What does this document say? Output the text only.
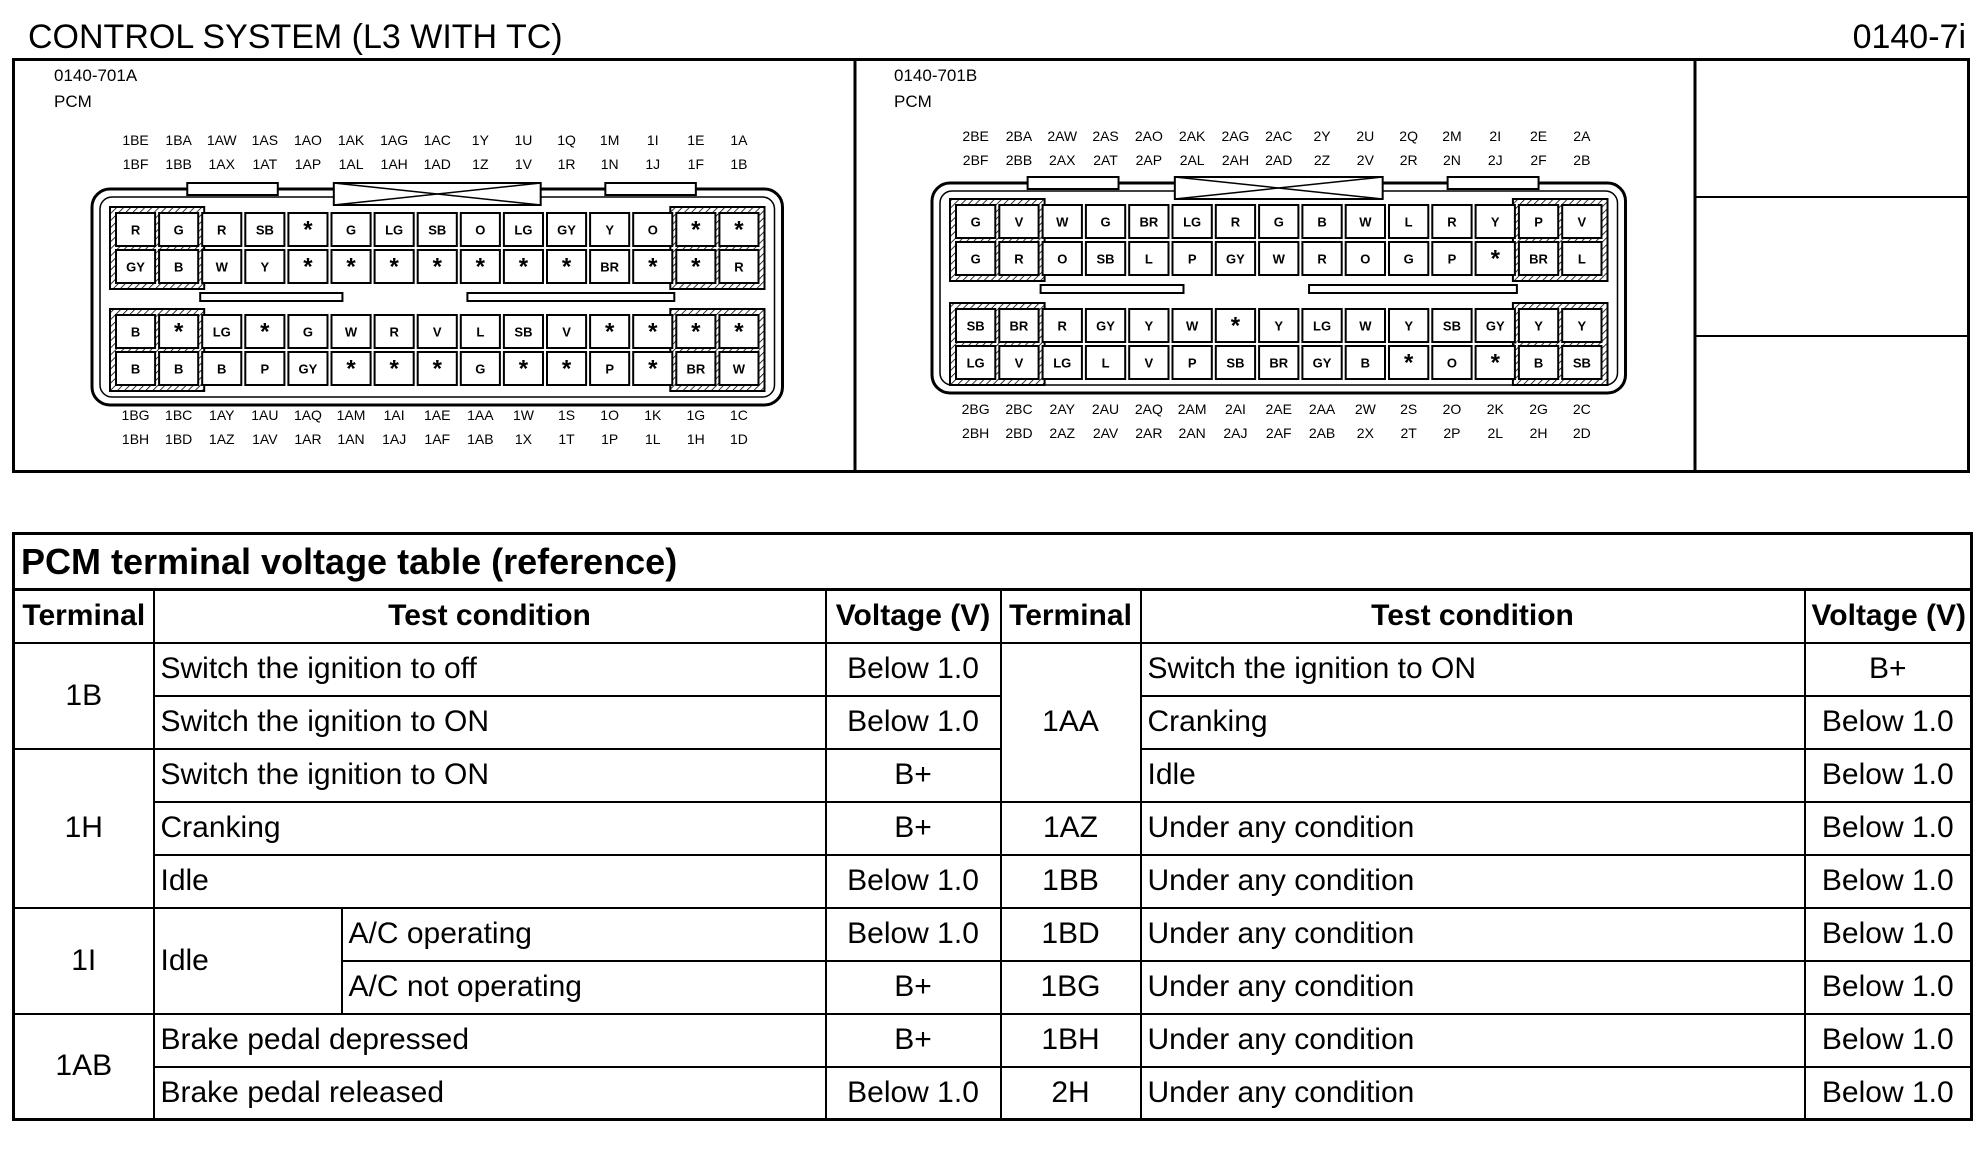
CONTROL SYSTEM (L3 WITH TC)	0140-7i
0140-701A
PCM
1BE 1BA 1AW 1AS 1AO 1AK 1AG 1AC 1Y 1U 1Q 1M 1I 1E 1A
1BF 1BB 1AX 1AT 1AP 1AL 1AH 1AD 1Z 1V 1R 1N 1J 1F 1B
R	G	R SB *	G LG SB O LG GY Y	O * *
GY B W	Y * * * * * * * BR * *	R
B * LG *	G W R	V	L SB V * * * *
B	B	B	P GY * * *	G * *	P * BR W
1BG 1BC 1AY 1AU 1AQ 1AM 1AI 1AE 1AA 1W 1S 1O 1K 1G 1C
1BH 1BD 1AZ 1AV 1AR 1AN 1AJ 1AF 1AB 1X 1T 1P 1L 1H 1D
0140-701B
PCM
2BE 2BA 2AW 2AS 2AO 2AK 2AG 2AC 2Y 2U 2Q 2M 2I 2E 2A
2BF 2BB 2AX 2AT 2AP 2AL 2AH 2AD 2Z 2V 2R 2N 2J 2F 2B
G	V	W G BR LG R	G	B W	L	R	Y	P	V
G	R	O SB L	P GY W R	O	G	P * BR L
SB BR R GY Y	W *	Y LG W	Y SB GY Y	Y
LG V LG L	V	P SB BR GY B *	O *	B SB
2BG 2BC 2AY 2AU 2AQ 2AM 2AI 2AE 2AA 2W 2S 2O 2K 2G 2C
2BH 2BD 2AZ 2AV 2AR 2AN 2AJ 2AF 2AB 2X 2T 2P 2L 2H 2D
PCM terminal voltage table (reference)						
Terminal	Test condition		Voltage (V)	Terminal	Test condition	Voltage (V)
1B	Switch the ignition to off		Below 1.0	1AA	Switch the ignition to ON	B+
	Switch the ignition to ON		Below 1.0		Cranking	Below 1.0
1H	Switch the ignition to ON		B+		Idle	Below 1.0
	Cranking		B+	1AZ	Under any condition	Below 1.0
	Idle		Below 1.0	1BB	Under any condition	Below 1.0
1I	Idle	A/C operating	Below 1.0	1BD	Under any condition	Below 1.0
		A/C not operating	B+	1BG	Under any condition	Below 1.0
1AB	Brake pedal depressed		B+	1BH	Under any condition	Below 1.0
	Brake pedal released		Below 1.0	2H	Under any condition	Below 1.0
